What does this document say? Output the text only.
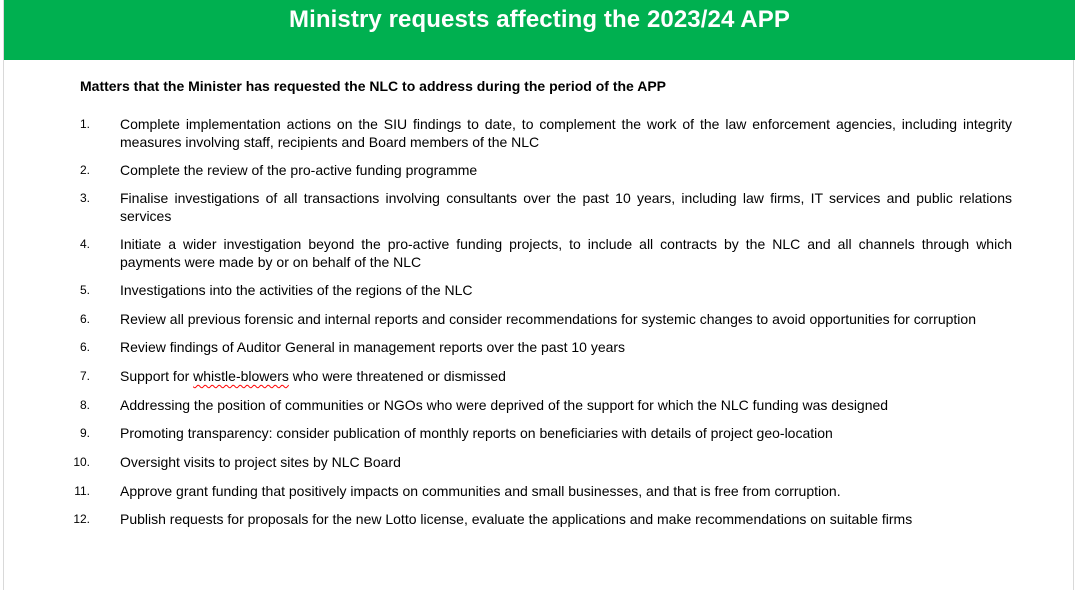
Ministry requests affecting the 2023/24 APP
Matters that the Minister has requested the NLC to address during the period of the APP
1. Complete implementation actions on the SIU findings to date, to complement the work of the law enforcement agencies, including integrity measures involving staff, recipients and Board members of the NLC
2. Complete the review of the pro-active funding programme
3. Finalise investigations of all transactions involving consultants over the past 10 years, including law firms, IT services and public relations services
4. Initiate a wider investigation beyond the pro-active funding projects, to include all contracts by the NLC and all channels through which payments were made by or on behalf of the NLC
5. Investigations into the activities of the regions of the NLC
6. Review all previous forensic and internal reports and consider recommendations for systemic changes to avoid opportunities for corruption
6. Review findings of Auditor General in management reports over the past 10 years
7. Support for whistle-blowers who were threatened or dismissed
8. Addressing the position of communities or NGOs who were deprived of the support for which the NLC funding was designed
9. Promoting transparency: consider publication of monthly reports on beneficiaries with details of project geo-location
10. Oversight visits to project sites by NLC Board
11. Approve grant funding that positively impacts on communities and small businesses, and that is free from corruption.
12. Publish requests for proposals for the new Lotto license, evaluate the applications and make recommendations on suitable firms
